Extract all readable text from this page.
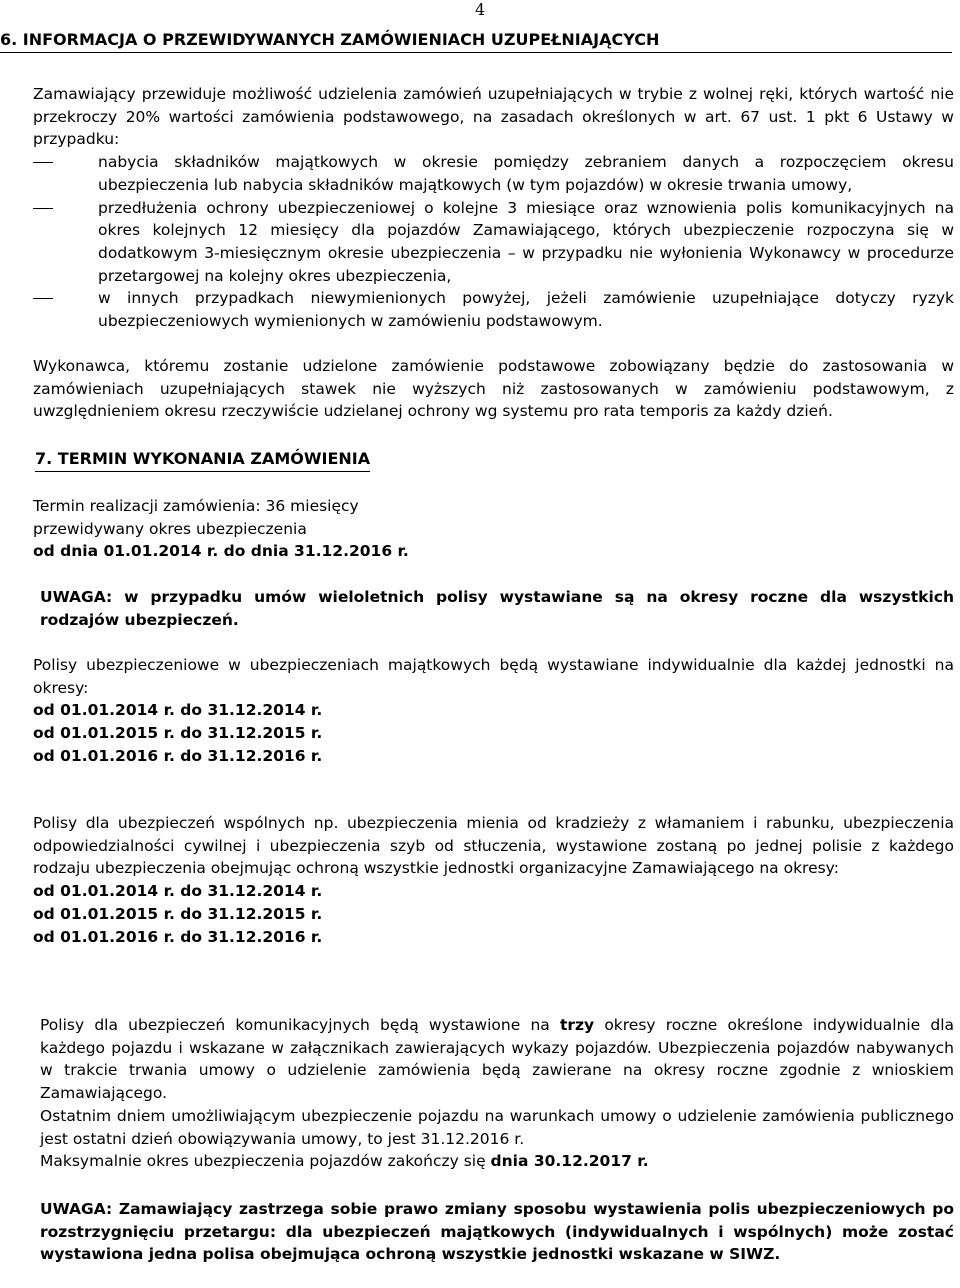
4
6. INFORMACJA O PRZEWIDYWANYCH ZAMÓWIENIACH UZUPEŁNIAJĄCYCH

Zamawiający przewiduje możliwość udzielenia zamówień uzupełniających w trybie z wolnej ręki, których wartość nie przekroczy 20% wartości zamówienia podstawowego, na zasadach określonych w art. 67 ust. 1 pkt 6 Ustawy w przypadku:

nabycia składników majątkowych w okresie pomiędzy zebraniem danych a rozpoczęciem okresu ubezpieczenia lub nabycia składników majątkowych (w tym pojazdów) w okresie trwania umowy,
przedłużenia ochrony ubezpieczeniowej o kolejne 3 miesiące oraz wznowienia polis komunikacyjnych na okres kolejnych 12 miesięcy dla pojazdów Zamawiającego, których ubezpieczenie rozpoczyna się w dodatkowym 3-miesięcznym okresie ubezpieczenia – w przypadku nie wyłonienia Wykonawcy w procedurze przetargowej na kolejny okres ubezpieczenia,
w innych przypadkach niewymienionych powyżej, jeżeli zamówienie uzupełniające dotyczy ryzyk ubezpieczeniowych wymienionych w zamówieniu podstawowym.
Wykonawca, któremu zostanie udzielone zamówienie podstawowe zobowiązany będzie do zastosowania w zamówieniach uzupełniających stawek nie wyższych niż zastosowanych w zamówieniu podstawowym, z uwzględnieniem okresu rzeczywiście udzielanej ochrony wg systemu pro rata temporis za każdy dzień.
7. TERMIN WYKONANIA ZAMÓWIENIA

Termin realizacji zamówienia: 36 miesięcy

przewidywany okres ubezpieczenia

od dnia 01.01.2014 r. do dnia 31.12.2016 r.

UWAGA: w przypadku umów wieloletnich polisy wystawiane są na okresy roczne dla wszystkich rodzajów ubezpieczeń.

Polisy ubezpieczeniowe w ubezpieczeniach majątkowych będą wystawiane indywidualnie dla każdej jednostki na okresy:

od 01.01.2014 r. do 31.12.2014 r.

od 01.01.2015 r. do 31.12.2015 r.

od 01.01.2016 r. do 31.12.2016 r.

Polisy dla ubezpieczeń wspólnych np. ubezpieczenia mienia od kradzieży z włamaniem i rabunku, ubezpieczenia odpowiedzialności cywilnej i ubezpieczenia szyb od stłuczenia, wystawione zostaną po jednej polisie z każdego rodzaju ubezpieczenia obejmując ochroną wszystkie jednostki organizacyjne Zamawiającego na okresy:

od 01.01.2014 r. do 31.12.2014 r.

od 01.01.2015 r. do 31.12.2015 r.

od 01.01.2016 r. do 31.12.2016 r.

Polisy dla ubezpieczeń komunikacyjnych będą wystawione na trzy okresy roczne określone indywidualnie dla każdego pojazdu i wskazane w załącznikach zawierających wykazy pojazdów. Ubezpieczenia pojazdów nabywanych w trakcie trwania umowy o udzielenie zamówienia będą zawierane na okresy roczne zgodnie z wnioskiem Zamawiającego.

Ostatnim dniem umożliwiającym ubezpieczenie pojazdu na warunkach umowy o udzielenie zamówienia publicznego jest ostatni dzień obowiązywania umowy, to jest 31.12.2016 r.

Maksymalnie okres ubezpieczenia pojazdów zakończy się dnia 30.12.2017 r.

UWAGA: Zamawiający zastrzega sobie prawo zmiany sposobu wystawienia polis ubezpieczeniowych po rozstrzygnięciu przetargu: dla ubezpieczeń majątkowych (indywidualnych i wspólnych) może zostać wystawiona jedna polisa obejmująca ochroną wszystkie jednostki wskazane w SIWZ.
